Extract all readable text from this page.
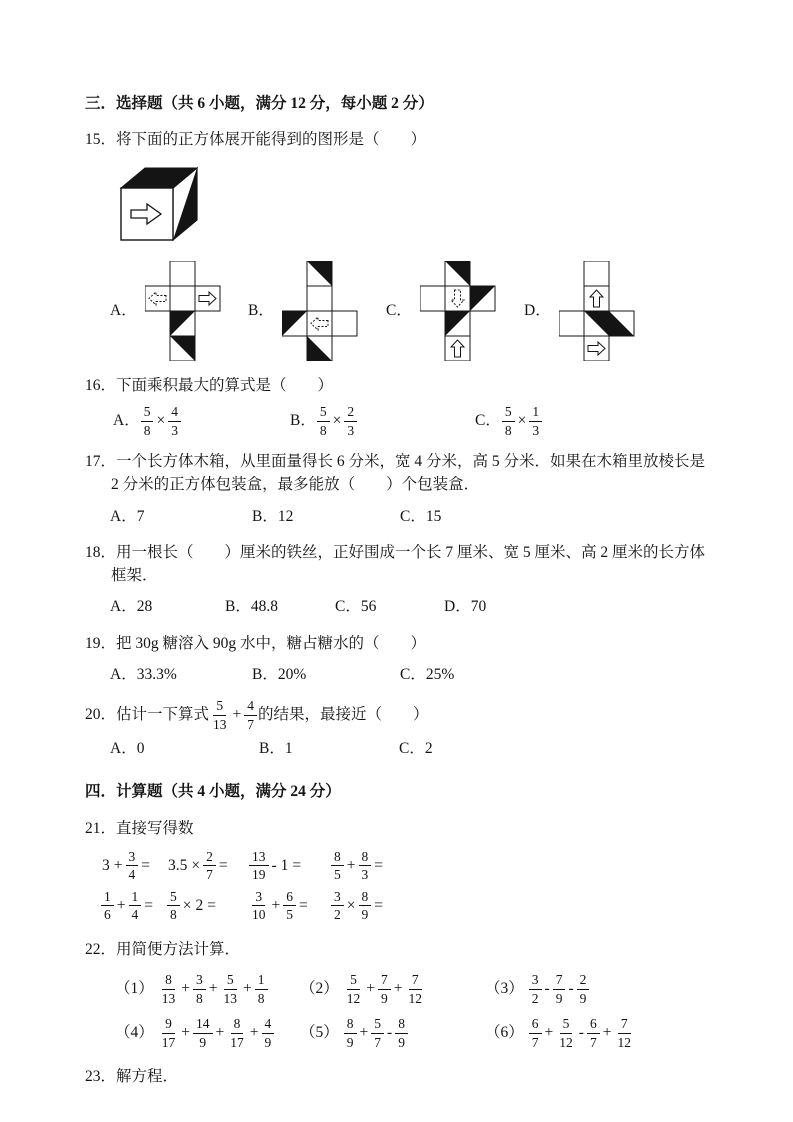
三．选择题（共 6 小题，满分 12 分，每小题 2 分）
15．将下面的正方体展开能得到的图形是（　　）
A．	B．	C．	D．
16．下面乘积最大的算式是（　　）
A． $\frac{5}{8} \times \frac{4}{3}$	B． $\frac{5}{8} \times \frac{2}{3}$	C． $\frac{5}{8} \times \frac{1}{3}$
17．一个长方体木箱，从里面量得长 6 分米，宽 4 分米，高 5 分米．如果在木箱里放棱长是 2 分米的正方体包装盒，最多能放（　　）个包装盒．
A．7	B．12	C．15
18．用一根长（　　）厘米的铁丝，正好围成一个长 7 厘米、宽 5 厘米、高 2 厘米的长方体框架．
A．28	B．48.8	C．56	D．70
19．把 30g 糖溶入 90g 水中，糖占糖水的（　　）
A．33.3%	B．20%	C．25%
20．估计一下算式 $\frac{5}{13} + \frac{4}{7}$ 的结果，最接近（　　）
A．0	B．1	C．2
四．计算题（共 4 小题，满分 24 分）
21．直接写得数
$3 + \frac{3}{4} = 3.5 \times \frac{2}{7} = \frac{13}{19} - 1 = \frac{8}{5} + \frac{8}{3}$ =
$\frac{1}{6} + \frac{1}{4} = \frac{5}{8} \times 2 = \frac{3}{10} + \frac{6}{5} = \frac{3}{2} \times \frac{8}{9}$ =
22．用简便方法计算．
$(1) \frac{8}{13} + \frac{3}{8} + \frac{5}{13} + \frac{1}{8} (2) \frac{5}{12} + \frac{7}{9} + \frac{7}{12}$	$(3) \frac{3}{2} - \frac{7}{9} - \frac{2}{9}$
$(4) \frac{9}{17} + \frac{14}{9} + \frac{8}{17} + \frac{4}{9} (5) \frac{8}{9} + \frac{5}{7} - \frac{8}{9}$	$(6) \frac{6}{7} + \frac{5}{12} - \frac{6}{7} + \frac{7}{12}$
23．解方程．
